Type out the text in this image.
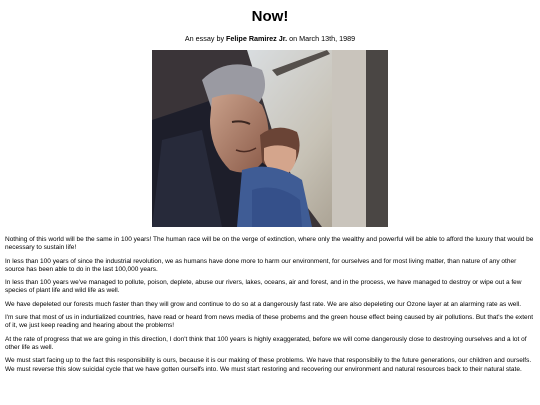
Now!
An essay by Felipe Ramirez Jr. on March 13th, 1989

Nothing of this world will be the same in 100 years! The human race will be on the verge of extinction, where only the wealthy and powerful will be able to afford the luxury that would be necessary to sustain life!

In less than 100 years of since the industrial revolution, we as humans have done more to harm our environment, for ourselves and for most living matter, than nature of any other source has been able to do in the last 100,000 years.

In less than 100 years we've managed to pollute, poison, deplete, abuse our rivers, lakes, oceans, air and forest, and in the process, we have managed to destroy or wipe out a few species of plant life and wild life as well.

We have depeleted our forests much faster than they will grow and continue to do so at a dangerously fast rate. We are also depeleting our Ozone layer at an alarming rate as well.

I'm sure that most of us in indurtialized countries, have read or heard from news media of these probems and the green house effect being caused by air pollutions. But that's the extent of it, we just keep reading and hearing about the problems!

At the rate of progress that we are going in this direction, I don't think that 100 years is highly exaggerated, before we will come dangerously close to destroying ourselves and a lot of other life as well.

We must start facing up to the fact this responsibility is ours, because it is our making of these problems. We have that responsibiliy to the future generations, our children and ourselfs. We must reverse this slow suicidal cycle that we have gotten ourselfs into. We must start restoring and recovering our environment and natural resources back to their natural state.
